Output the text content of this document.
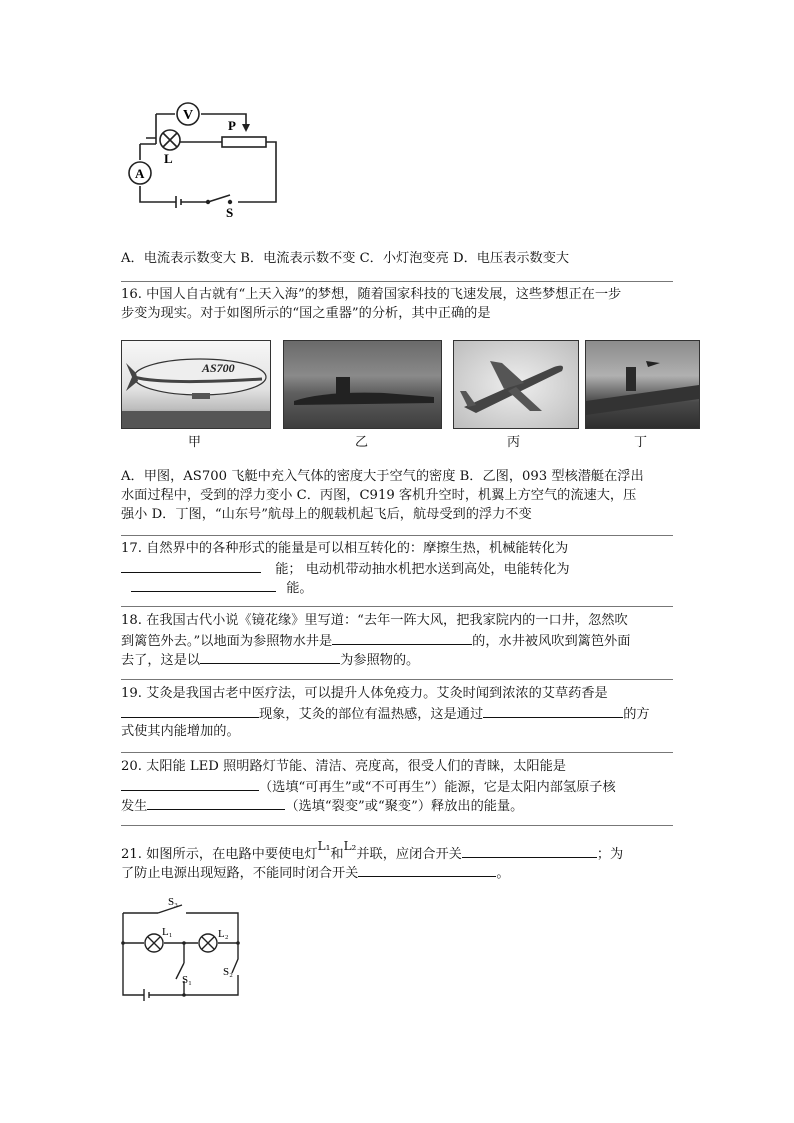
V
A
L
P
S
A．电流表示数变大 B．电流表示数不变 C．小灯泡变亮 D．电压表示数变大
16. 中国人自古就有“上天入海”的梦想，随着国家科技的飞速发展，这些梦想正在一步
步变为现实。对于如图所示的“国之重器”的分析，其中正确的是
AS700
甲	乙	丙	丁
A．甲图，AS700 飞艇中充入气体的密度大于空气的密度 B．乙图，093 型核潜艇在浮出
水面过程中，受到的浮力变小 C．丙图，C919 客机升空时，机翼上方空气的流速大，压
强小 D．丁图，“山东号”航母上的舰载机起飞后，航母受到的浮力不变
17. 自然界中的各种形式的能量是可以相互转化的：摩擦生热，机械能转化为
能； 电动机带动抽水机把水送到高处，电能转化为
能。
18. 在我国古代小说《镜花缘》里写道：“去年一阵大风，把我家院内的一口井，忽然吹
到篱笆外去。”以地面为参照物水井是	的，水井被风吹到篱笆外面
去了，这是以	为参照物的。
19. 艾灸是我国古老中医疗法，可以提升人体免疫力。艾灸时闻到浓浓的艾草药香是
现象，艾灸的部位有温热感，这是通过	的方
式使其内能增加的。
20. 太阳能 LED 照明路灯节能、清洁、亮度高，很受人们的青睐，太阳能是
（选填“可再生”或“不可再生”）能源，它是太阳内部氢原子核
发生	（选填“裂变”或“聚变”）释放出的能量。
21. 如图所示，在电路中要使电灯L₁和L₂并联，应闭合开关	；为
了防止电源出现短路，不能同时闭合开关	。
S₃
L₁	L₂
S₁
S₂
